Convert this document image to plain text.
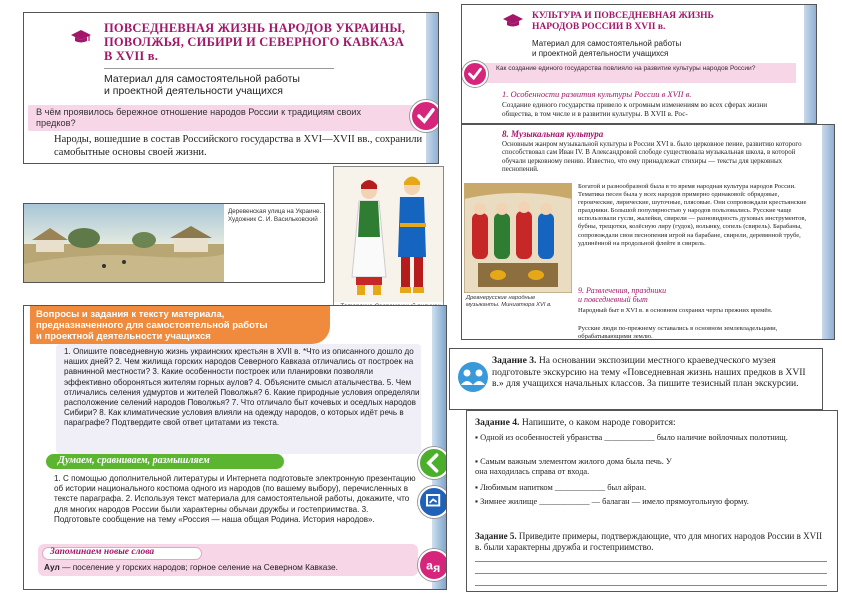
ПОВСЕДНЕВНАЯ ЖИЗНЬ НАРОДОВ УКРАИНЫ,
ПОВОЛЖЬЯ, СИБИРИ И СЕВЕРНОГО КАВКАЗА
В XVII в.
Материал для самостоятельной работы
и проектной деятельности учащихся
В чём проявилось бережное отношение народов России к традициям своих предков?
Народы, вошедшие в состав Российского государства в XVI—XVII вв., сохранили самобытные основы своей жизни.
Деревенская улица на Украине.
Художник С. И. Васильковский
Вопросы и задания к тексту материала,
предназначенного для самостоятельной работы
и проектной деятельности учащихся
1. Опишите повседневную жизнь украинских крестьян в XVII в. *Что из описанного дошло до наших дней? 2. Чем жилища горских народов Северного Кавказа отличались от построек на равнинной местности? 3. Какие особенности построек или планировки позволяли эффективно обороняться жителям горных аулов? 4. Объясните смысл аталычества. 5. Чем отличались селения удмуртов и жителей Поволжья? 6. Какие природные условия определяли расположение селений народов Поволжья? 7. Что отличало быт кочевых и оседлых народов Сибири? 8. Как климатические условия влияли на одежду народов, о которых идёт речь в параграфе? Подтвердите свой ответ цитатами из текста.
Думаем, сравниваем, размышляем
1. С помощью дополнительной литературы и Интернета подготовьте электронную презентацию об истории национального костюма одного из народов (по вашему выбору), перечисленных в тексте параграфа. 2. Используя текст материала для самостоятельной работы, докажите, что для многих народов России были характерны обычаи дружбы и гостеприимства. 3. Подготовьте сообщение на тему «Россия — наша общая Родина. История народов».
Запоминаем новые слова
Аул — поселение у горских народов; горное селение на Северном Кавказе.	a я
КУЛЬТУРА И ПОВСЕДНЕВНАЯ ЖИЗНЬ
НАРОДОВ РОССИИ В XVII в.
Материал для самостоятельной работы
и проектной деятельности учащихся
Как создание единого государства повлияло на развитие культуры народов России?
1. Особенности развития культуры России в XVII в.
Создание единого государства привело к огромным изменениям во всех сферах жизни общества, в том числе и в развитии культуры. В XVII в. Рос-
8. Музыкальная культура
Основным жанром музыкальной культуры в России XVI в. было церковное пение, развитию которого способствовал сам Иван IV. В Александровой слободе существовала музыкальная школа, в которой обучали церковному пению. Известно, что ему принадлежат стихиры — тексты для церковных песнопений.
Древнерусские народные
музыканты. Миниатюра XVI в.
Богатой и разнообразной была в то время народная культура народов России. Тематика песен была у всех народов примерно одинаковой: обрядовые, героические, лирические, шуточные, плясовые. Они сопровождали крестьянские праздники. Большой популярностью у народов пользовались. Русские чаще использовали гусли, жалейки, свирели — разновидность духовых инструментов, бубны, трещотки, колёсную лиру (гудок), волынку, сопель (свирель). Барабаны, сопровождали свои песнопения игрой на барабане, свирели, деревянной трубе, удлинённой на продольной флейте в свирель.
9. Развлечения, праздники
и повседневный быт
Народный быт в XVI в. в основном сохранял черты прежних времён.
Русские люди по-прежнему оставались в основном землевладельцами, обрабатывающими землю.
Задание 3. На основании экспозиции местного краеведческого музея подготовьте экскурсию на тему «Повседневная жизнь наших предков в XVII в.» для учащихся начальных классов. За пишите тезисный план экскурсии.
Задание 4. Напишите, о каком народе говорится:
▪ Одной из особенностей убранства ____________ было наличие войлочных полотнищ.
▪ Самым важным элементом жилого дома была печь. У
она находилась справа от входа.
▪ Любимым напитком ____________ был айран.
▪ Зимнее жилище ____________ — балаган — имело прямоугольную форму.
Задание 5. Приведите примеры, подтверждающие, что для многих народов России в XVII в. были характерны дружба и гостеприимство.
